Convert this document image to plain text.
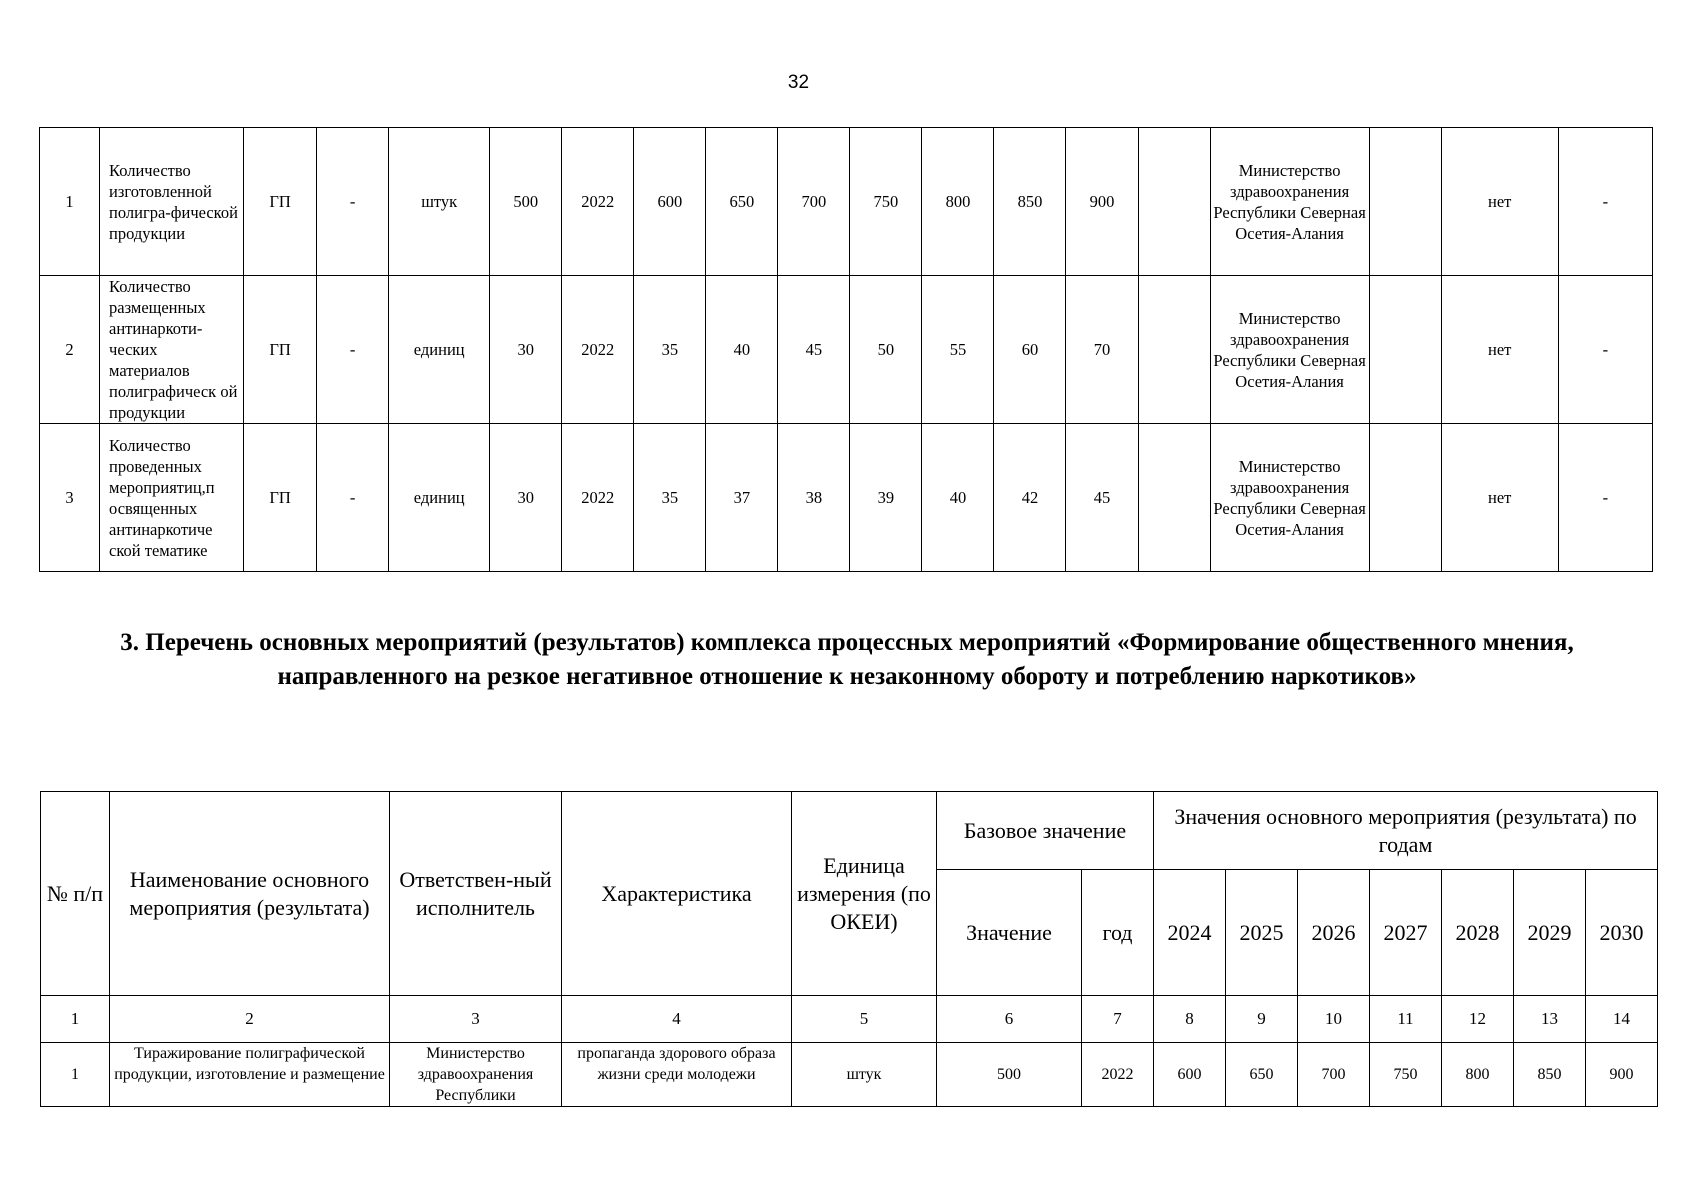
32
1	Количество изготовленной полигра-фической продукции	ГП	-	штук	500	2022	600	650	700	750	800	850	900		Министерство здравоохранения Республики Северная Осетия-Алания		нет	-
2	Количество размещенных антинаркоти-ческих материалов полиграфическ ой продукции	ГП	-	единиц	30	2022	35	40	45	50	55	60	70		Министерство здравоохранения Республики Северная Осетия-Алания		нет	-
3	Количество проведенных мероприятиц,п освященных антинаркотиче ской тематике	ГП	-	единиц	30	2022	35	37	38	39	40	42	45		Министерство здравоохранения Республики Северная Осетия-Алания		нет	-
3. Перечень основных мероприятий (результатов) комплекса процессных мероприятий «Формирование общественного мнения, направленного на резкое негативное отношение к незаконному обороту и потреблению наркотиков»
№ п/п	Наименование основного мероприятия (результата)	Ответствен-ный исполнитель	Характеристика	Единица измерения (по ОКЕИ)	Базовое значение		Значения основного мероприятия (результата) по годам						
					Значение	год	2024	2025	2026	2027	2028	2029	2030
1	2	3	4	5	6	7	8	9	10	11	12	13	14
1	Тиражирование полиграфической продукции, изготовление и размещение	Министерство здравоохранения Республики	пропаганда здорового образа жизни среди молодежи	штук	500	2022	600	650	700	750	800	850	900
